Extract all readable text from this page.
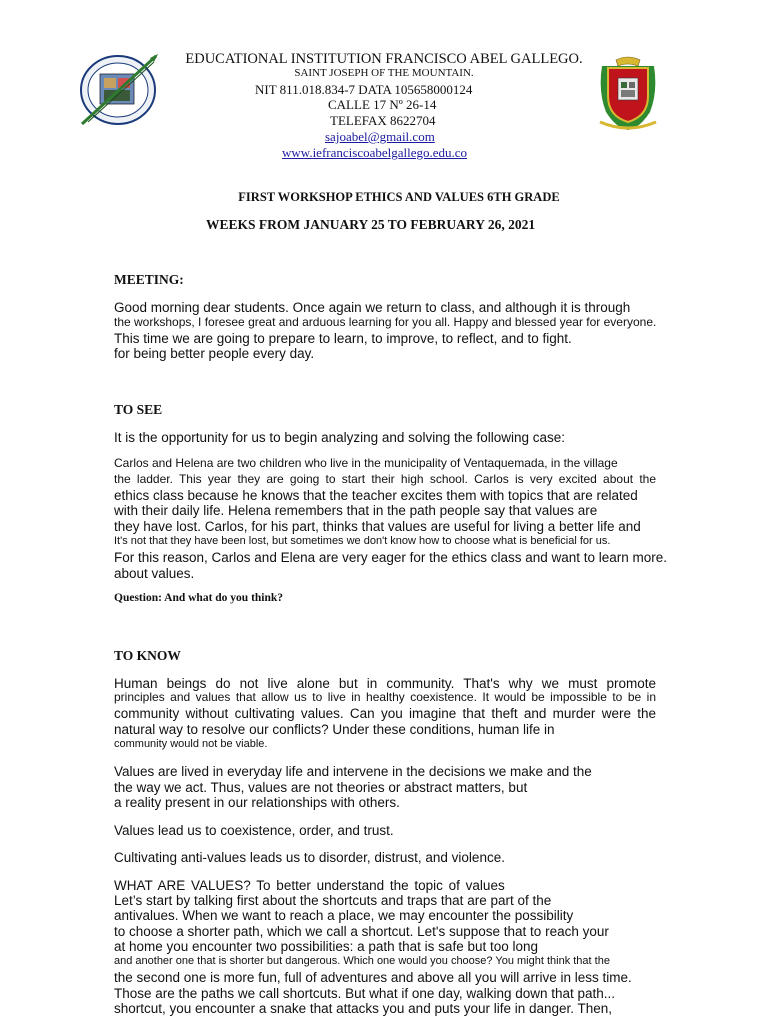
EDUCATIONAL INSTITUTION FRANCISCO ABEL GALLEGO.
SAINT JOSEPH OF THE MOUNTAIN.
NIT 811.018.834-7 DATA 105658000124
CALLE 17 Nº 26-14
TELEFAX 8622704
sajoabel@gmail.com
www.iefranciscoabelgallego.edu.co
FIRST WORKSHOP ETHICS AND VALUES 6TH GRADE
WEEKS FROM JANUARY 25 TO FEBRUARY 26, 2021
MEETING:
Good morning dear students. Once again we return to class, and although it is through
the workshops, I foresee great and arduous learning for you all. Happy and blessed year for everyone.
This time we are going to prepare to learn, to improve, to reflect, and to fight.
for being better people every day.
TO SEE
It is the opportunity for us to begin analyzing and solving the following case:
Carlos and Helena are two children who live in the municipality of Ventaquemada, in the village
the ladder. This year they are going to start their high school. Carlos is very excited about the
ethics class because he knows that the teacher excites them with topics that are related
with their daily life. Helena remembers that in the path people say that values are
they have lost. Carlos, for his part, thinks that values are useful for living a better life and
It's not that they have been lost, but sometimes we don't know how to choose what is beneficial for us.
For this reason, Carlos and Elena are very eager for the ethics class and want to learn more.
about values.
Question: And what do you think?
TO KNOW
Human beings do not live alone but in community. That's why we must promote
principles and values that allow us to live in healthy coexistence. It would be impossible to be in
community without cultivating values. Can you imagine that theft and murder were the
natural way to resolve our conflicts? Under these conditions, human life in
community would not be viable.
Values are lived in everyday life and intervene in the decisions we make and the
the way we act. Thus, values are not theories or abstract matters, but
a reality present in our relationships with others.
Values lead us to coexistence, order, and trust.
Cultivating anti-values leads us to disorder, distrust, and violence.
WHAT ARE VALUES? To better understand the topic of values
Let’s start by talking first about the shortcuts and traps that are part of the
antivalues. When we want to reach a place, we may encounter the possibility
to choose a shorter path, which we call a shortcut. Let's suppose that to reach your
at home you encounter two possibilities: a path that is safe but too long
and another one that is shorter but dangerous. Which one would you choose? You might think that the
the second one is more fun, full of adventures and above all you will arrive in less time.
Those are the paths we call shortcuts. But what if one day, walking down that path...
shortcut, you encounter a snake that attacks you and puts your life in danger. Then,
